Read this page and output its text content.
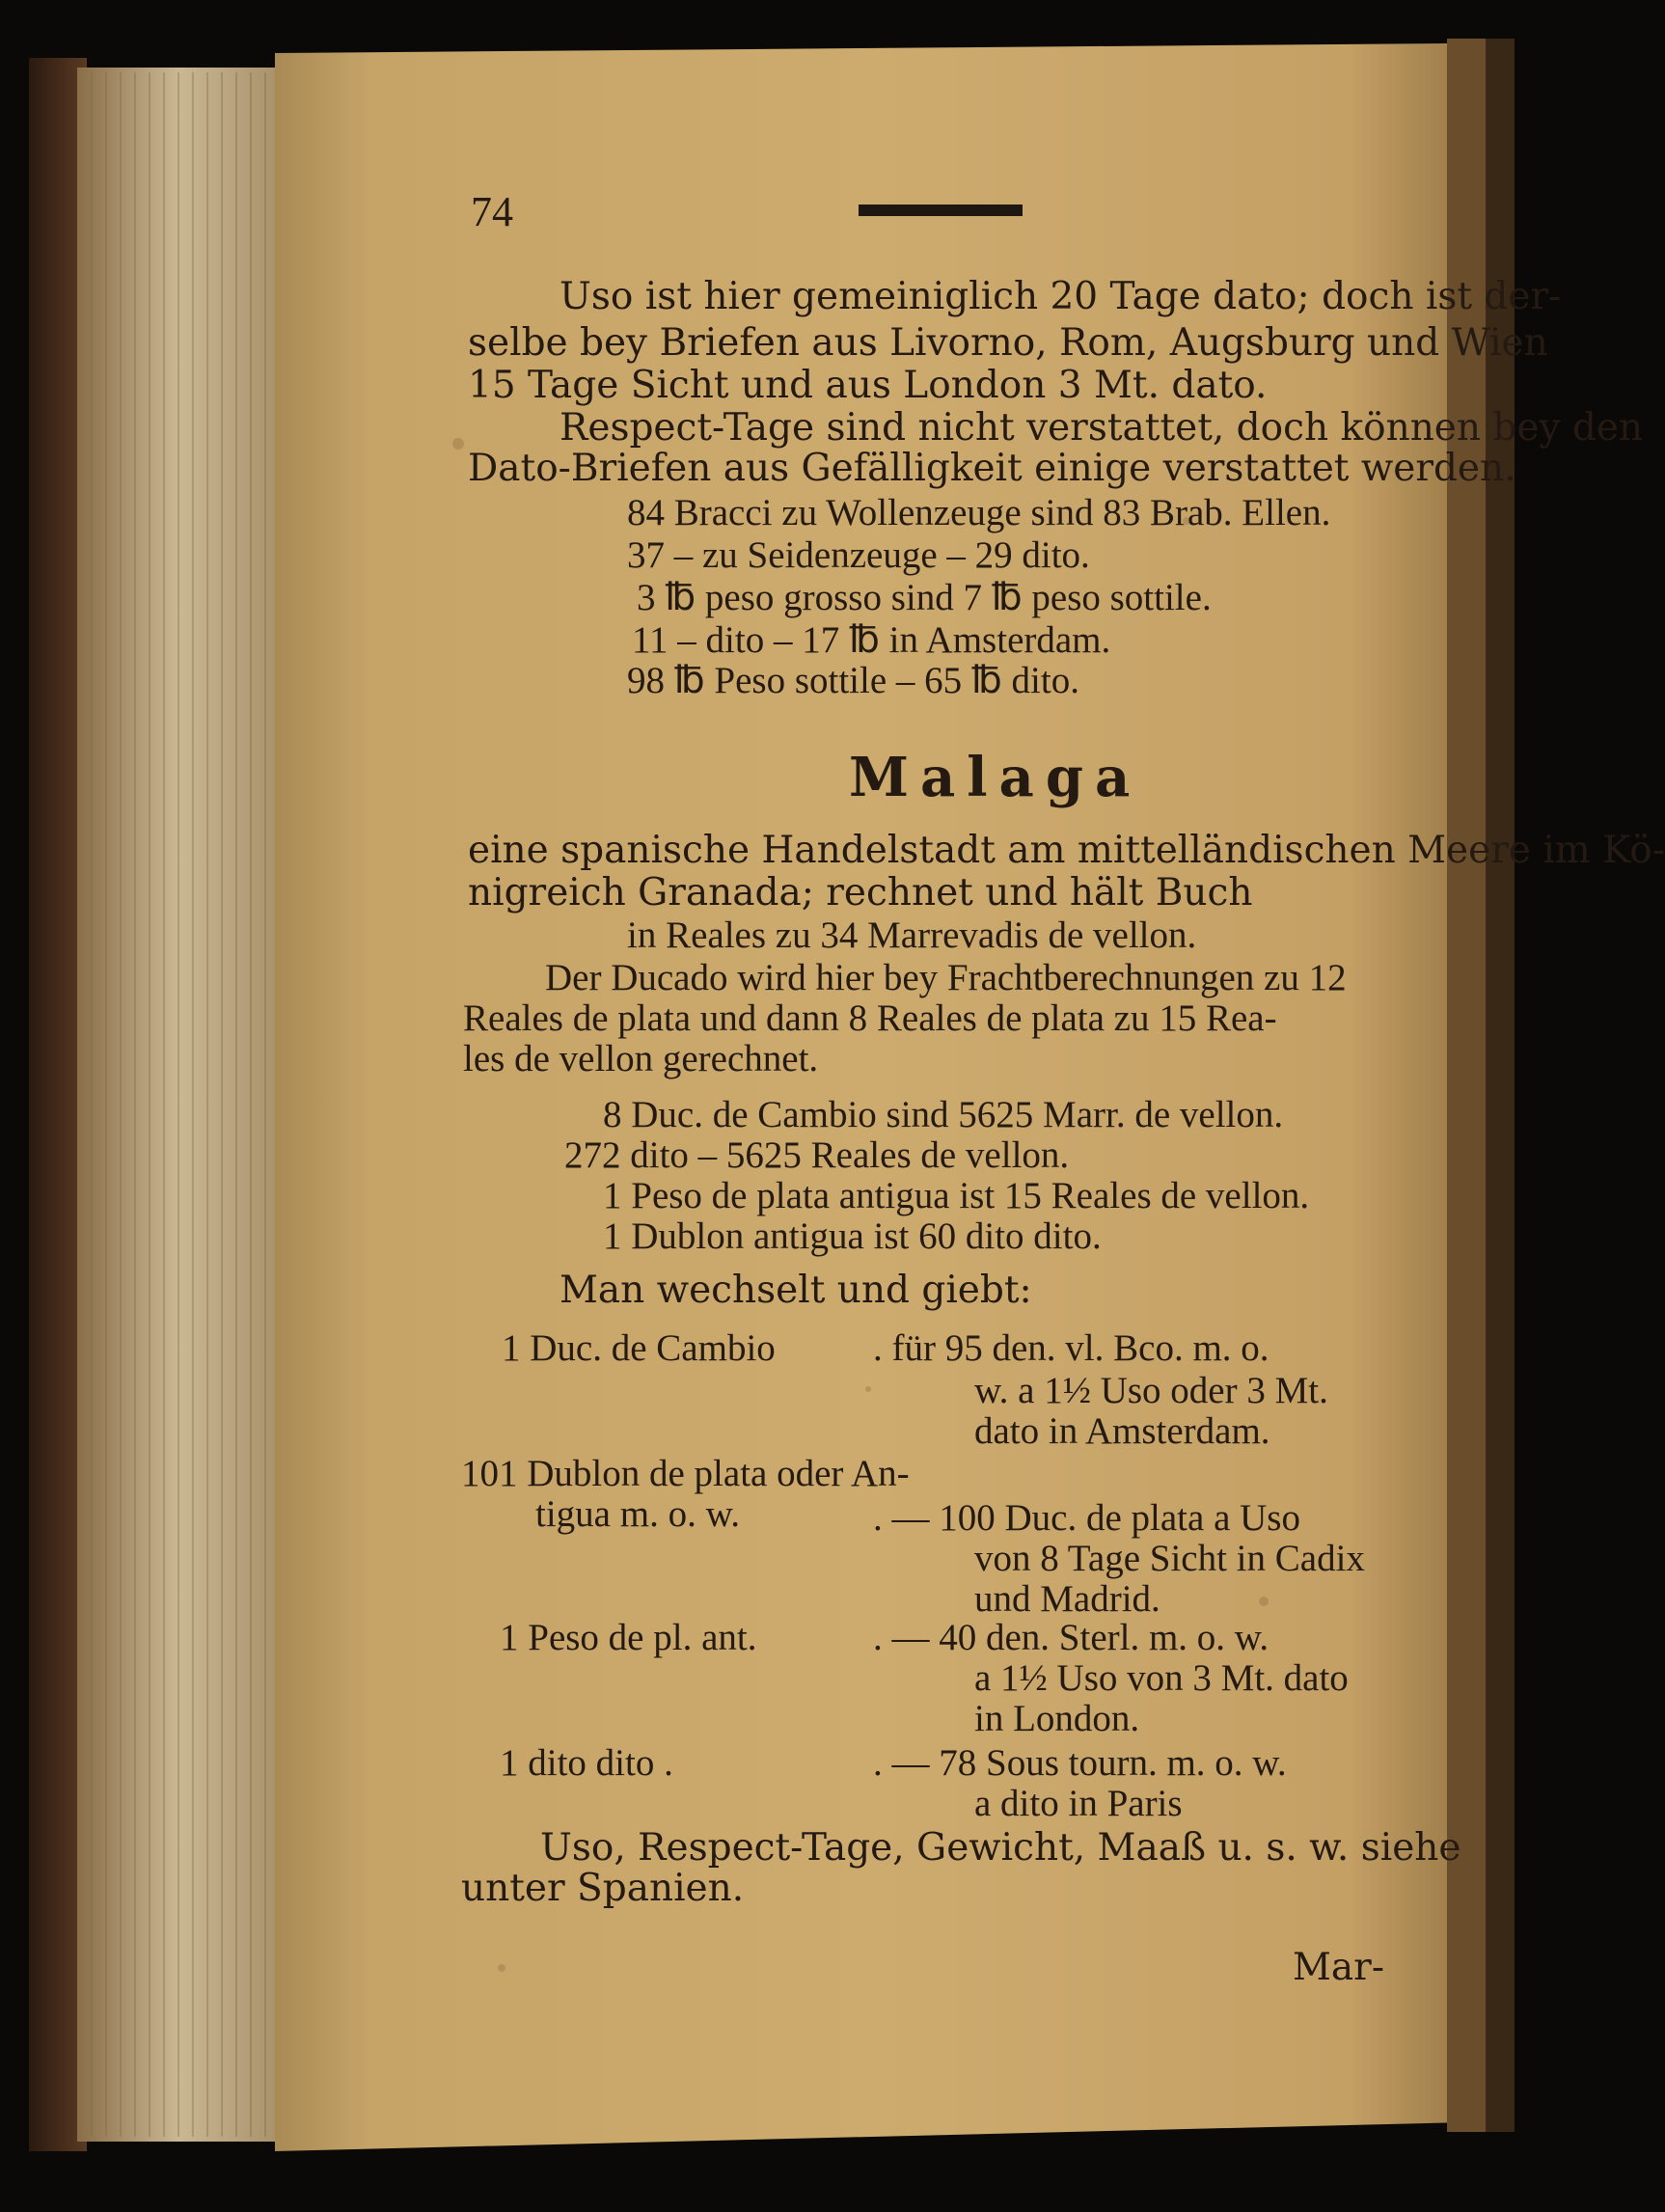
74
Uso ist hier gemeiniglich 20 Tage dato; doch ist der‐
selbe bey Briefen aus Livorno, Rom, Augsburg und Wien
15 Tage Sicht und aus London 3 Mt. dato.
Respect‐Tage sind nicht verstattet, doch können bey den
Dato‐Briefen aus Gefälligkeit einige verstattet werden.
84 Bracci zu Wollenzeuge sind 83 Brab. Ellen.
37 – zu Seidenzeuge – 29 dito.
3 ℔ peso grosso sind 7 ℔ peso sottile.
11 – dito – 17 ℔ in Amsterdam.
98 ℔ Peso sottile – 65 ℔ dito.
Malaga
eine spanische Handelstadt am mittelländischen Meere im Kö‐
nigreich Granada; rechnet und hält Buch
in Reales zu 34 Marrevadis de vellon.
Der Ducado wird hier bey Frachtberechnungen zu 12
Reales de plata und dann 8 Reales de plata zu 15 Rea‐
les de vellon gerechnet.
8 Duc. de Cambio sind 5625 Marr. de vellon.
272 dito – 5625 Reales de vellon.
1 Peso de plata antigua ist 15 Reales de vellon.
1 Dublon antigua ist 60 dito dito.
Man wechselt und giebt:
1 Duc. de Cambio	. für 95 den. vl. Bco. m. o.
w. a 1½ Uso oder 3 Mt.
dato in Amsterdam.
101 Dublon de plata oder An‐
tigua m. o. w.	. — 100 Duc. de plata a Uso
von 8 Tage Sicht in Cadix
und Madrid.
1 Peso de pl. ant.	. — 40 den. Sterl. m. o. w.
a 1½ Uso von 3 Mt. dato
in London.
1 dito dito .	. — 78 Sous tourn. m. o. w.
a dito in Paris
Uso, Respect‐Tage, Gewicht, Maaß u. s. w. siehe
unter Spanien.
Mar‐
